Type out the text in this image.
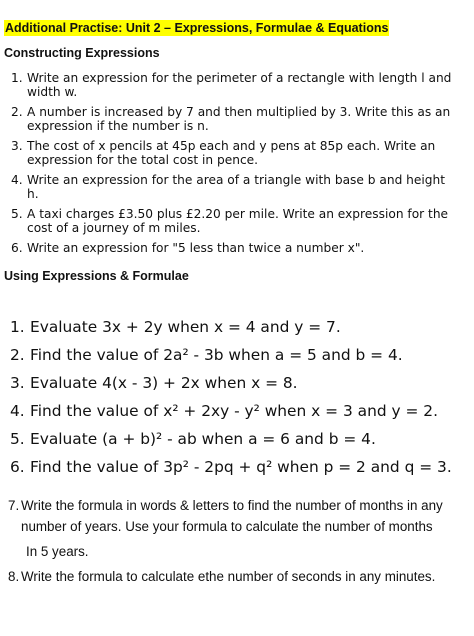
Additional Practise: Unit 2 – Expressions, Formulae & Equations
Constructing Expressions
1. Write an expression for the perimeter of a rectangle with length l and width w.
2. A number is increased by 7 and then multiplied by 3. Write this as an expression if the number is n.
3. The cost of x pencils at 45p each and y pens at 85p each. Write an expression for the total cost in pence.
4. Write an expression for the area of a triangle with base b and height h.
5. A taxi charges £3.50 plus £2.20 per mile. Write an expression for the cost of a journey of m miles.
6. Write an expression for "5 less than twice a number x".
Using Expressions & Formulae
1. Evaluate 3x + 2y when x = 4 and y = 7.
2. Find the value of 2a² - 3b when a = 5 and b = 4.
3. Evaluate 4(x - 3) + 2x when x = 8.
4. Find the value of x² + 2xy - y² when x = 3 and y = 2.
5. Evaluate (a + b)² - ab when a = 6 and b = 4.
6. Find the value of 3p² - 2pq + q² when p = 2 and q = 3.
7. Write the formula in words & letters to find the number of months in any number of years. Use your formula to calculate the number of months
In 5 years.
8. Write the formula to calculate ethe number of seconds in any minutes.
